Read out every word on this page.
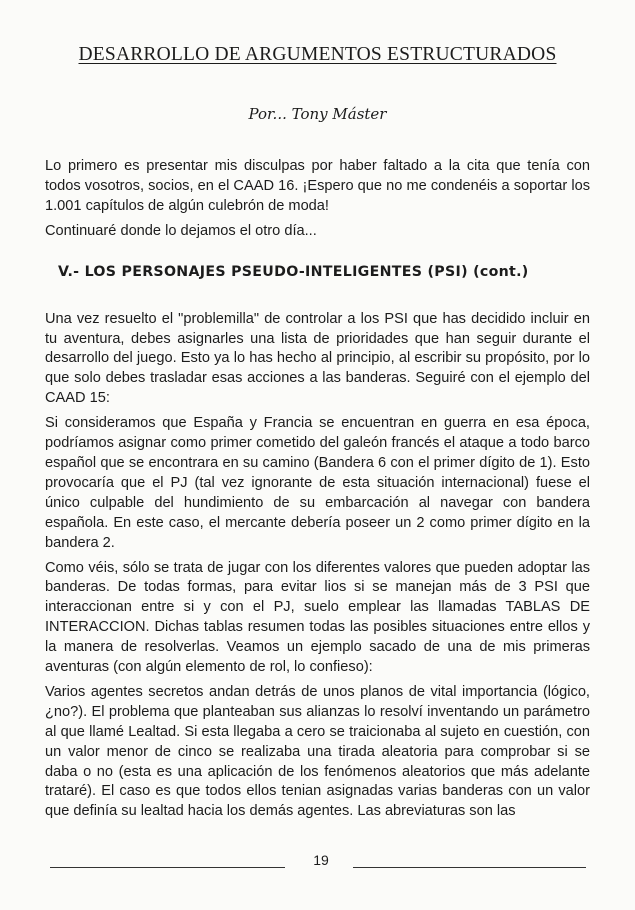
DESARROLLO DE ARGUMENTOS ESTRUCTURADOS
Por... Tony Máster

Lo primero es presentar mis disculpas por haber faltado a la cita que tenía con todos vosotros, socios, en el CAAD 16. ¡Espero que no me condenéis a soportar los 1.001 capítulos de algún culebrón de moda!

Continuaré donde lo dejamos el otro día...

V.- LOS PERSONAJES PSEUDO-INTELIGENTES (PSI) (cont.)

Una vez resuelto el "problemilla" de controlar a los PSI que has decidido incluir en tu aventura, debes asignarles una lista de prioridades que han seguir durante el desarrollo del juego. Esto ya lo has hecho al principio, al escribir su propósito, por lo que solo debes trasladar esas acciones a las banderas. Seguiré con el ejemplo del CAAD 15:

Si consideramos que España y Francia se encuentran en guerra en esa época, podríamos asignar como primer cometido del galeón francés el ataque a todo barco español que se encontrara en su camino (Bandera 6 con el primer dígito de 1). Esto provocaría que el PJ (tal vez ignorante de esta situación internacional) fuese el único culpable del hundimiento de su embarcación al navegar con bandera española. En este caso, el mercante debería poseer un 2 como primer dígito en la bandera 2.

Como véis, sólo se trata de jugar con los diferentes valores que pueden adoptar las banderas. De todas formas, para evitar lios si se manejan más de 3 PSI que interaccionan entre si y con el PJ, suelo emplear las llamadas TABLAS DE INTERACCION. Dichas tablas resumen todas las posibles situaciones entre ellos y la manera de resolverlas. Veamos un ejemplo sacado de una de mis primeras aventuras (con algún elemento de rol, lo confieso):

Varios agentes secretos andan detrás de unos planos de vital importancia (lógico, ¿no?). El problema que planteaban sus alianzas lo resolví inventando un parámetro al que llamé Lealtad. Si esta llegaba a cero se traicionaba al sujeto en cuestión, con un valor menor de cinco se realizaba una tirada aleatoria para comprobar si se daba o no (esta es una aplicación de los fenómenos aleatorios que más adelante trataré). El caso es que todos ellos tenian asignadas varias banderas con un valor que definía su lealtad hacia los demás agentes. Las abreviaturas son las

19
